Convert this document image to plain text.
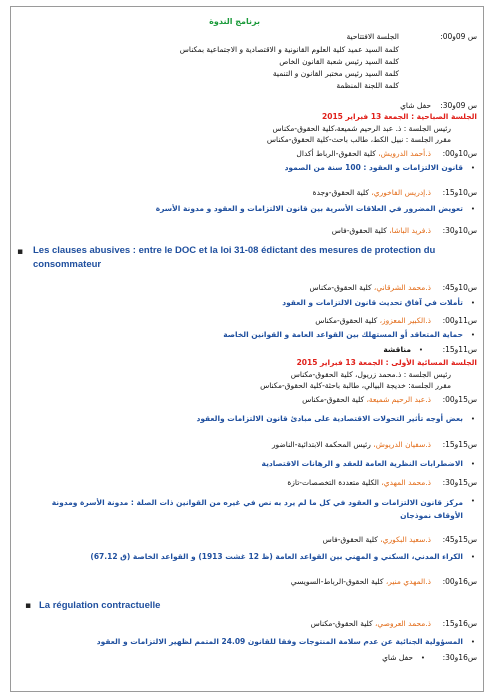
برنامج الندوة
س 09و00:
الجلسة الافتتاحية
كلمة السيد عميد كلية العلوم القانونية و الاقتصادية و الاجتماعية بمكناس
كلمة السيد رئيس شعبة القانون الخاص
كلمة السيد رئيس مختبر القانون و التنمية
كلمة اللجنة المنظمة
س 09و30:
حفل شاي
الجلسة الصباحية : الجمعة 13 فبراير 2015
رئيس الجلسة : ذ. عبد الرحيم شميعة،كلية الحقوق-مكناس
مقرر الجلسة : نبيل الكط، طالب باحث-كلية الحقوق-مكناس
س10و00:
ذ.أحمد الدرويش، كلية الحقوق-الرباط أكدال
•
قانون الالتزامات و العقود : 100 سنة من الصمود
س10و15:
ذ.إدريس الفاخوري، كلية الحقوق-وجدة
•
تعويض المضرور في العلاقات الأسرية بين قانون الالتزامات و العقود و مدونة الأسرة
س10و30:
ذ.فريد الباشا، كلية الحقوق-فاس
▪ Les clauses abusives : entre le DOC et la loi 31-08 édictant des mesures de protection du consommateur
س10و45:
ذ.محمد الشرقاني، كلية الحقوق-مكناس
•
تأملات في آفاق تحديث قانون الالتزامات و العقود
س11و00:
ذ.الكبير المعزوز، كلية الحقوق-مكناس
•
حماية المتعاقد أو المستهلك بين القواعد العامة و القوانين الخاصة
س11و15:
•
مناقشة
الجلسة المسائية الأولى : الجمعة 13 فبراير 2015
رئيس الجلسة : ذ.محمد زريول، كلية الحقوق-مكناس
مقرر الجلسة: خديجة البيالي، طالبة باحثة-كلية الحقوق-مكناس
س15و00:
ذ.عبد الرحيم شميعة، كلية الحقوق-مكناس
•
بعض أوجه تأثير التحولات الاقتصادية على مبادئ قانون الالتزامات والعقود
س15و15:
ذ.سفيان الدريوش، رئيس المحكمة الابتدائية-الناضور
•
الاضطرابات النظرية العامة للعقد و الرهانات الاقتصادية
س15و30:
ذ.محمد المهدي، الكلية متعددة التخصصات-تازة
•
مركز قانون الالتزامات و العقود في كل ما لم يرد به نص في غيره من القوانين ذات الصلة : مدونة الأسرة ومدونة الأوقاف نموذجان
س15و45:
ذ.سعيد البكوري، كلية الحقوق-فاس
•
الكراء المدني، السكني و المهني بين القواعد العامة (ظ 12 غشت 1913) و القواعد الخاصة (ق 67.12)
س16و00:
ذ.المهدي منير، كلية الحقوق-الرباط-السويسي
▪ La régulation contractuelle
س16و15:
ذ.محمد العروصي، كلية الحقوق-مكناس
•
المسؤولية الجنائية عن عدم سلامة المنتوجات وفقا للقانون 24.09 المتمم لظهير الالتزامات و العقود
س16و30:
•
حفل شاي
